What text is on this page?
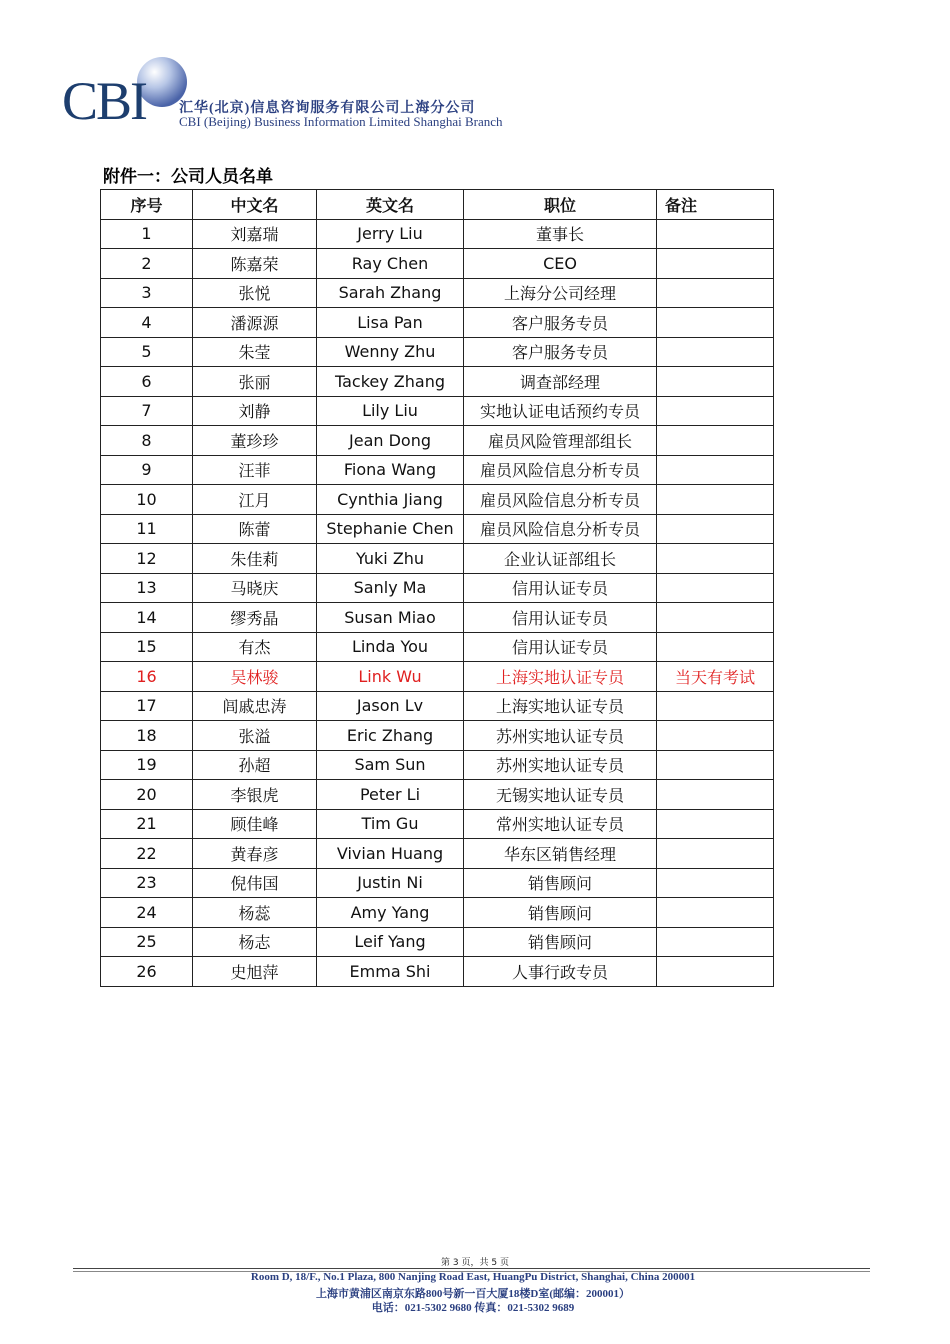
CBI 汇华(北京)信息咨询服务有限公司上海分公司
CBI (Beijing) Business Information Limited Shanghai Branch
附件一：公司人员名单
序号	中文名	英文名	职位	备注
1	刘嘉瑞	Jerry Liu	董事长	
2	陈嘉荣	Ray Chen	CEO	
3	张悦	Sarah Zhang	上海分公司经理	
4	潘源源	Lisa Pan	客户服务专员	
5	朱莹	Wenny Zhu	客户服务专员	
6	张丽	Tackey Zhang	调查部经理	
7	刘静	Lily Liu	实地认证电话预约专员	
8	董珍珍	Jean Dong	雇员风险管理部组长	
9	汪菲	Fiona Wang	雇员风险信息分析专员	
10	江月	Cynthia Jiang	雇员风险信息分析专员	
11	陈蕾	Stephanie Chen	雇员风险信息分析专员	
12	朱佳莉	Yuki Zhu	企业认证部组长	
13	马晓庆	Sanly Ma	信用认证专员	
14	缪秀晶	Susan Miao	信用认证专员	
15	有杰	Linda You	信用认证专员	
16	吴林骏	Link Wu	上海实地认证专员	当天有考试
17	闾戚忠涛	Jason Lv	上海实地认证专员	
18	张溢	Eric Zhang	苏州实地认证专员	
19	孙超	Sam Sun	苏州实地认证专员	
20	李银虎	Peter Li	无锡实地认证专员	
21	顾佳峰	Tim Gu	常州实地认证专员	
22	黄春彦	Vivian Huang	华东区销售经理	
23	倪伟国	Justin Ni	销售顾问	
24	杨蕊	Amy Yang	销售顾问	
25	杨志	Leif Yang	销售顾问	
26	史旭萍	Emma Shi	人事行政专员	
第 3 页，共 5 页
Room D, 18/F., No.1 Plaza, 800 Nanjing Road East, HuangPu District, Shanghai, China 200001
上海市黄浦区南京东路800号新一百大厦18楼D室(邮编：200001）
电话：021-5302 9680 传真：021-5302 9689
